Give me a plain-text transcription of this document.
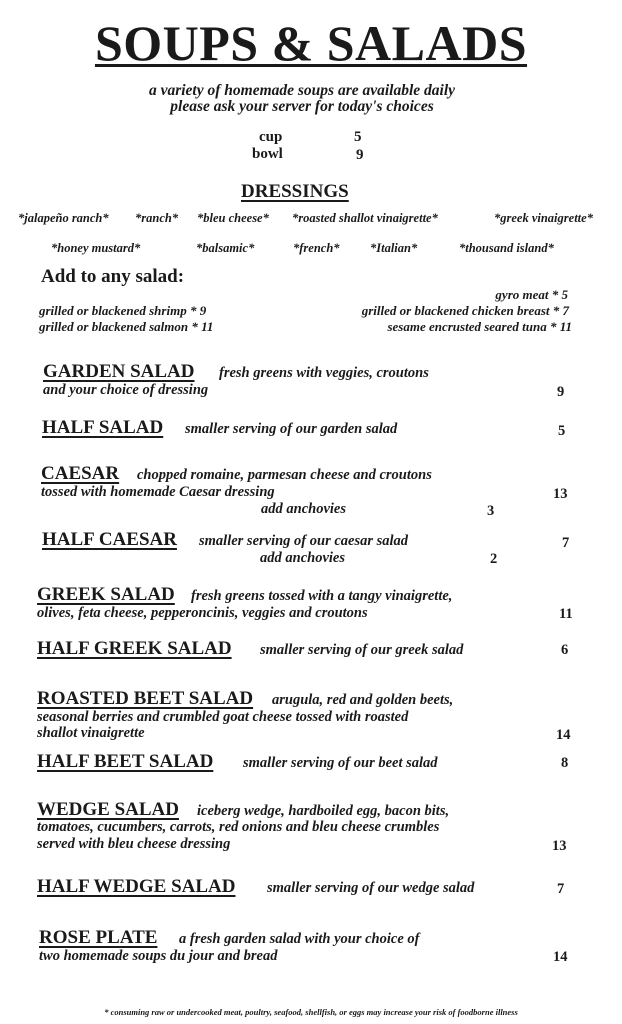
SOUPS & SALADS
a variety of homemade soups are available daily
please ask your server for today's choices
cup	5
bowl	9
DRESSINGS
*jalapeño ranch* *ranch* *bleu cheese* *roasted shallot vinaigrette*	*greek vinaigrette*
*honey mustard*	*balsamic*	*french* *Italian*	*thousand island*
Add to any salad:
gyro meat * 5
grilled or blackened shrimp * 9	grilled or blackened chicken breast * 7
grilled or blackened salmon * 11	sesame encrusted seared tuna * 11
GARDEN SALAD fresh greens with veggies, croutons
and your choice of dressing	9
HALF SALAD smaller serving of our garden salad	5
CAESAR chopped romaine, parmesan cheese and croutons
tossed with homemade Caesar dressing	13
add anchovies	3
HALF CAESAR smaller serving of our caesar salad	7
add anchovies	2
GREEK SALAD fresh greens tossed with a tangy vinaigrette,
olives, feta cheese, pepperoncinis, veggies and croutons	11
HALF GREEK SALAD smaller serving of our greek salad	6
ROASTED BEET SALAD arugula, red and golden beets,
seasonal berries and crumbled goat cheese tossed with roasted
shallot vinaigrette	14
HALF BEET SALAD smaller serving of our beet salad	8
WEDGE SALAD iceberg wedge, hardboiled egg, bacon bits,
tomatoes, cucumbers, carrots, red onions and bleu cheese crumbles
served with bleu cheese dressing	13
HALF WEDGE SALAD smaller serving of our wedge salad	7
ROSE PLATE a fresh garden salad with your choice of
two homemade soups du jour and bread	14
* consuming raw or undercooked meat, poultry, seafood, shellfish, or eggs may increase your risk of foodborne illness
